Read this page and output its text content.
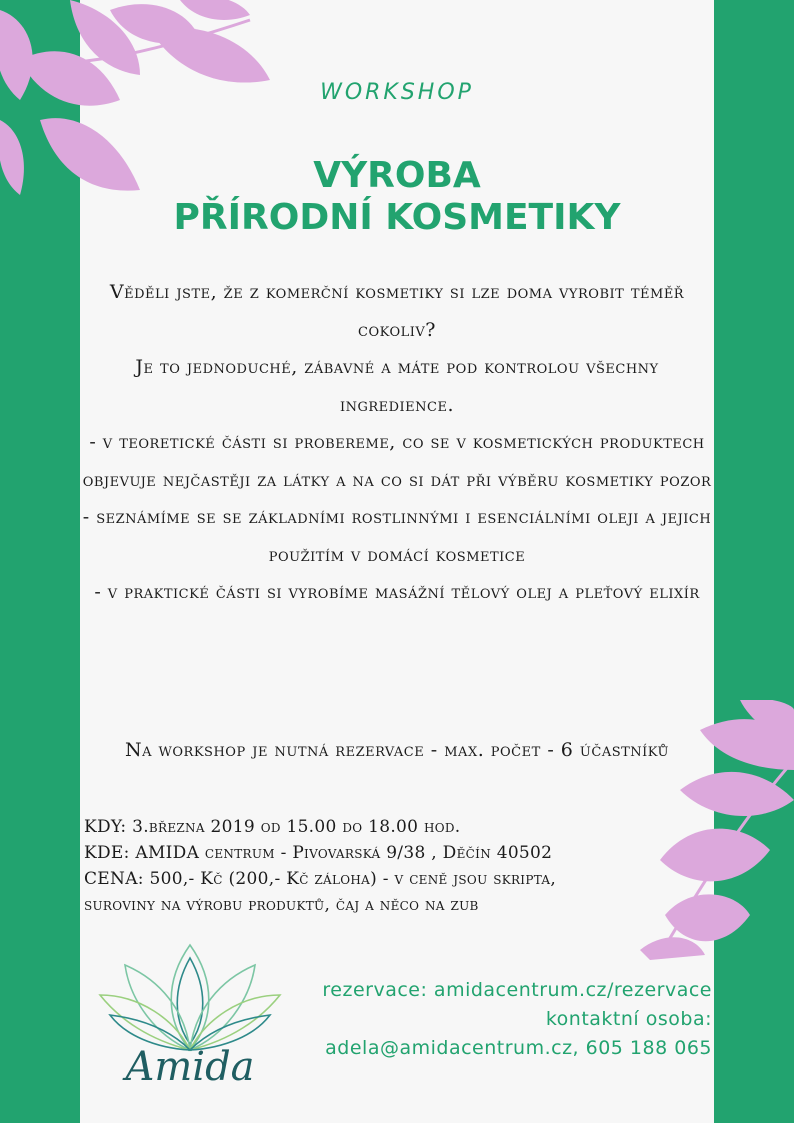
WORKSHOP
VÝROBA
PŘÍRODNÍ KOSMETIKY

Věděli jste, že z komerční kosmetiky si lze doma vyrobit téměř cokoliv?

Je to jednoduché, zábavné a máte pod kontrolou všechny ingredience.

- v teoretické části si probereme, co se v kosmetických produktech objevuje nejčastěji za látky a na co si dát při výběru kosmetiky pozor

- seznámíme se se základními rostlinnými i esenciálními oleji a jejich použitím v domácí kosmetice

- v praktické části si vyrobíme masážní tělový olej a pleťový elixír

Na workshop je nutná rezervace - max. počet - 6 účastníků

KDY: 3.března 2019 od 15.00 do 18.00 hod.

KDE: AMIDA centrum - Pivovarská 9/38 , Děčín 40502

CENA: 500,- Kč (200,- Kč záloha) - v ceně jsou skripta,

suroviny na výrobu produktů, čaj a něco na zub

Amida

rezervace: amidacentrum.cz/rezervace

kontaktní osoba:

adela@amidacentrum.cz, 605 188 065
